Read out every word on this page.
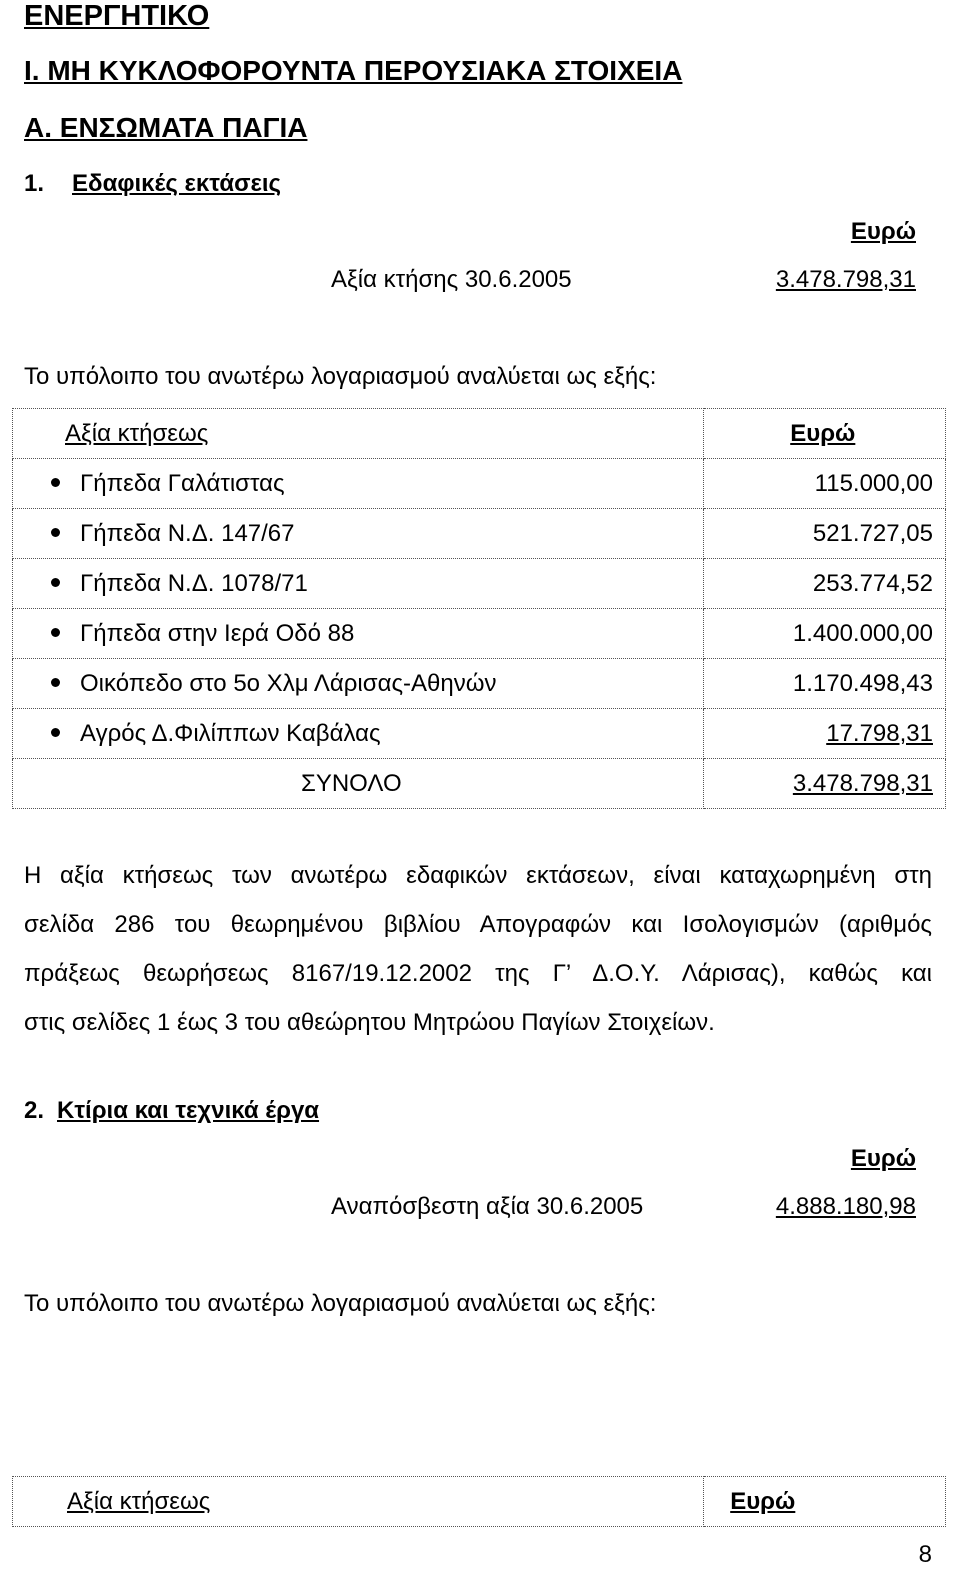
ΕΝΕΡΓΗΤΙΚΟ
Ι. ΜΗ ΚΥΚΛΟΦΟΡΟΥΝΤΑ ΠΕΡΟΥΣΙΑΚΑ ΣΤΟΙΧΕΙΑ
Α. ΕΝΣΩΜΑΤΑ ΠΑΓΙΑ
1. Εδαφικές εκτάσεις
Ευρώ
Αξία κτήσης 30.6.2005	3.478.798,31
Το υπόλοιπο του ανωτέρω λογαριασμού αναλύεται ως εξής:
Αξία κτήσεως	Ευρώ
Γήπεδα Γαλάτιστας	115.000,00
Γήπεδα Ν.Δ. 147/67	521.727,05
Γήπεδα Ν.Δ. 1078/71	253.774,52
Γήπεδα στην Ιερά Οδό 88	1.400.000,00
Οικόπεδο στο 5ο Χλμ Λάρισας-Αθηνών	1.170.498,43
Αγρός Δ.Φιλίππων Καβάλας	17.798,31
ΣΥΝΟΛΟ	3.478.798,31
Η αξία κτήσεως των ανωτέρω εδαφικών εκτάσεων, είναι καταχωρημένη στη
σελίδα 286 του θεωρημένου βιβλίου Απογραφών και Ισολογισμών (αριθμός
πράξεως θεωρήσεως 8167/19.12.2002 της Γ’ Δ.Ο.Υ. Λάρισας), καθώς και
στις σελίδες 1 έως 3 του αθεώρητου Μητρώου Παγίων Στοιχείων.
2. Κτίρια και τεχνικά έργα
Ευρώ
Αναπόσβεστη αξία 30.6.2005	4.888.180,98
Το υπόλοιπο του ανωτέρω λογαριασμού αναλύεται ως εξής:
Αξία κτήσεως	Ευρώ
8
